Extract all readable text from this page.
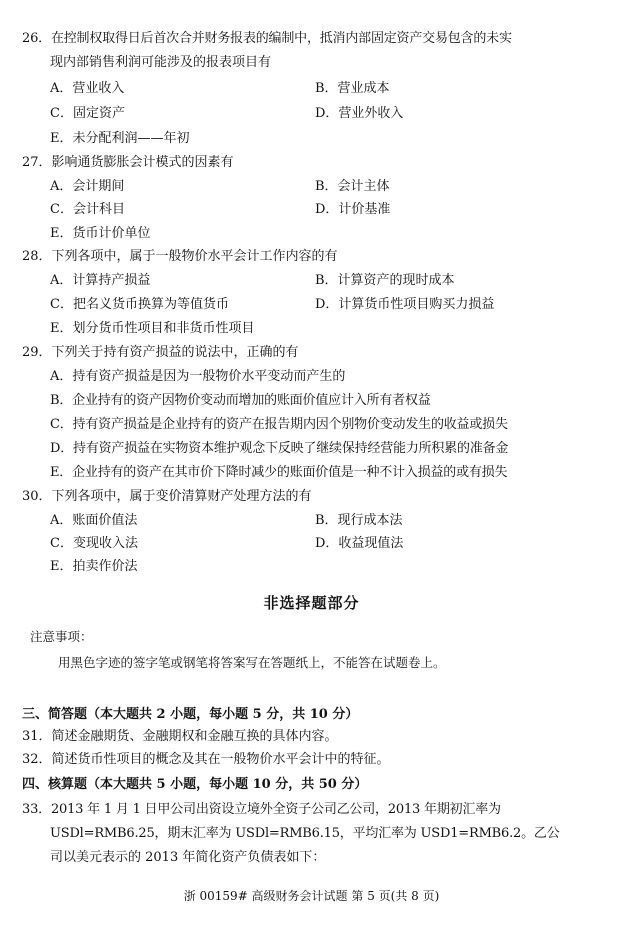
26．在控制权取得日后首次合并财务报表的编制中，抵消内部固定资产交易包含的未实
现内部销售利润可能涉及的报表项目有
A．营业收入	B．营业成本
C．固定资产	D．营业外收入
E．未分配利润——年初
27．影响通货膨胀会计模式的因素有
A．会计期间	B．会计主体
C．会计科目	D．计价基准
E．货币计价单位
28．下列各项中，属于一般物价水平会计工作内容的有
A．计算持产损益	B．计算资产的现时成本
C．把名义货币换算为等值货币	D．计算货币性项目购买力损益
E．划分货币性项目和非货币性项目
29．下列关于持有资产损益的说法中，正确的有
A．持有资产损益是因为一般物价水平变动而产生的
B．企业持有的资产因物价变动而增加的账面价值应计入所有者权益
C．持有资产损益是企业持有的资产在报告期内因个别物价变动发生的收益或损失
D．持有资产损益在实物资本维护观念下反映了继续保持经营能力所积累的准备金
E．企业持有的资产在其市价下降时减少的账面价值是一种不计入损益的或有损失
30．下列各项中，属于变价清算财产处理方法的有
A．账面价值法	B．现行成本法
C．变现收入法	D．收益现值法
E．拍卖作价法
非选择题部分
注意事项：
用黑色字迹的签字笔或钢笔将答案写在答题纸上，不能答在试题卷上。
三、简答题（本大题共 2 小题，每小题 5 分，共 10 分）
31．简述金融期货、金融期权和金融互换的具体内容。
32．简述货币性项目的概念及其在一般物价水平会计中的特征。
四、核算题（本大题共 5 小题，每小题 10 分，共 50 分）
33．2013 年 1 月 1 日甲公司出资设立境外全资子公司乙公司，2013 年期初汇率为
USDl=RMB6.25，期末汇率为 USDl=RMB6.15，平均汇率为 USD1=RMB6.2。乙公
司以美元表示的 2013 年简化资产负债表如下：
浙 00159# 高级财务会计试题 第 5 页(共 8 页)
